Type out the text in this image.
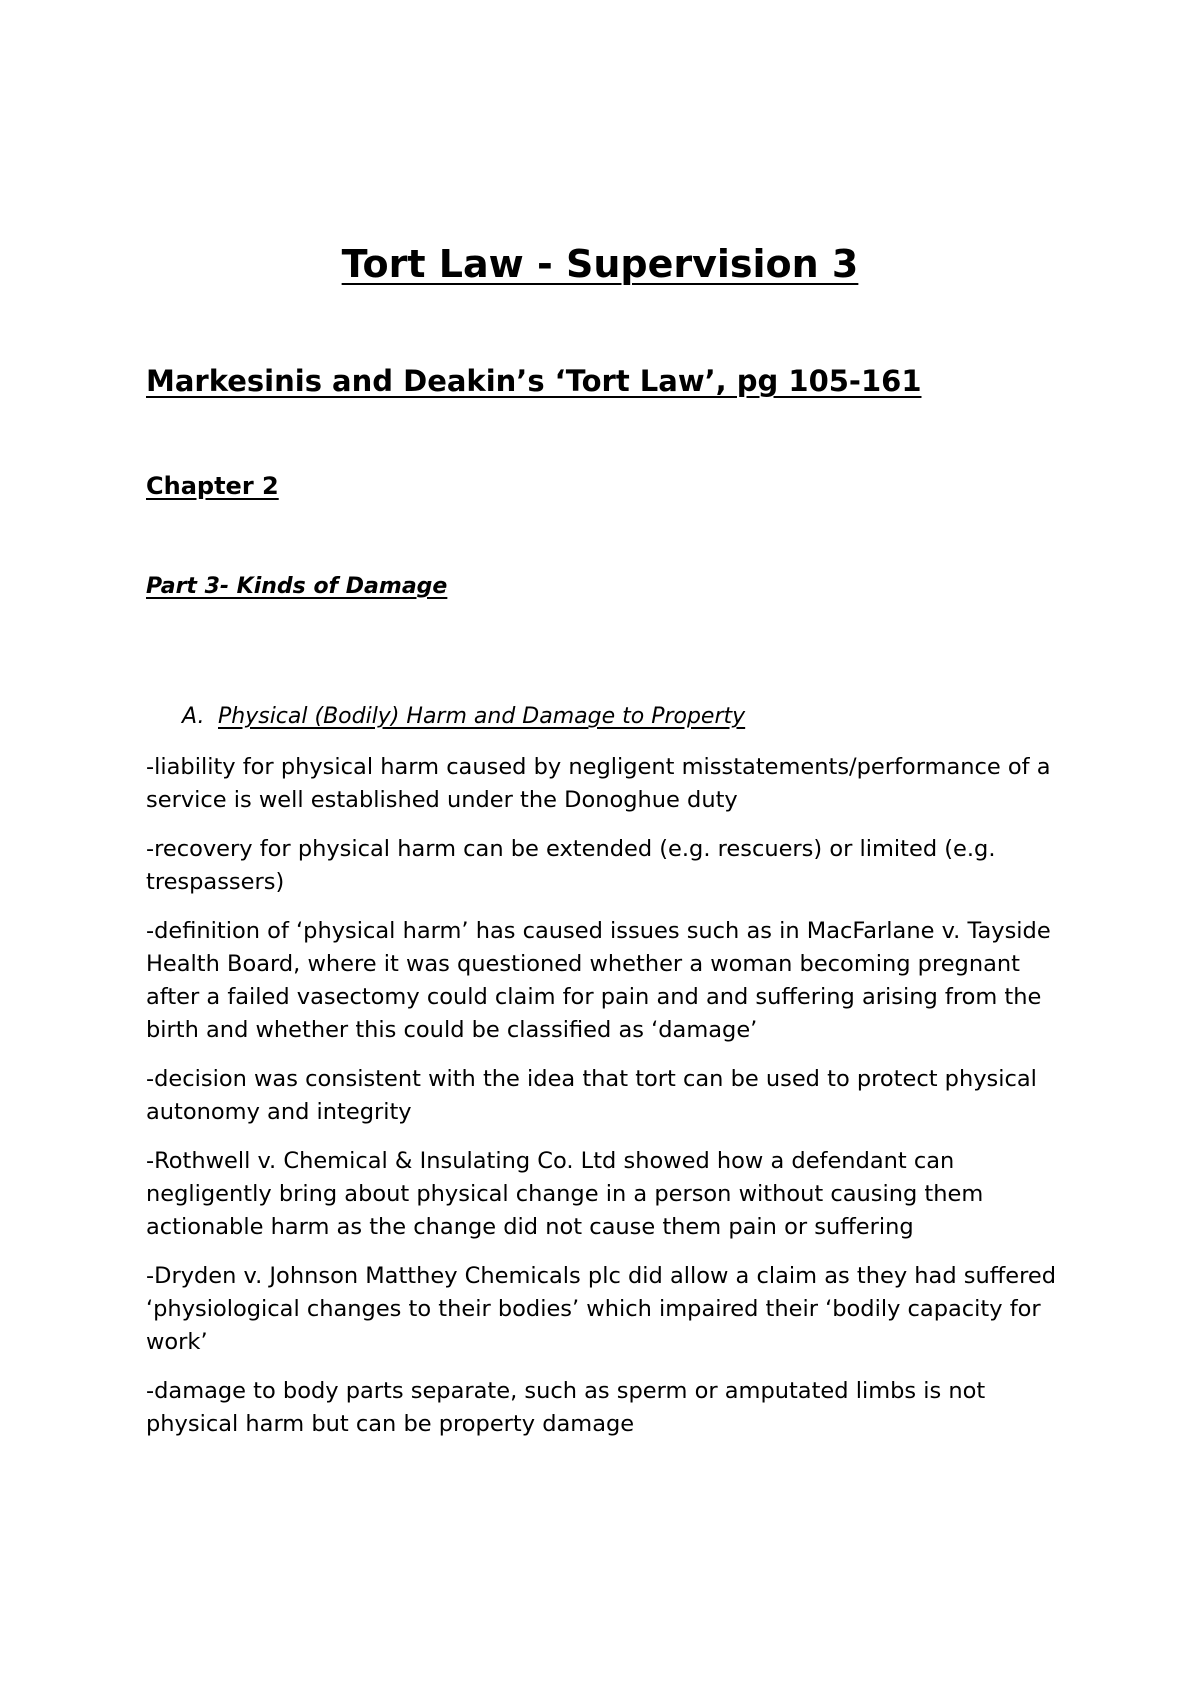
Tort Law - Supervision 3
Markesinis and Deakin’s ‘Tort Law’, pg 105-161
Chapter 2
Part 3- Kinds of Damage
A. Physical (Bodily) Harm and Damage to Property

-liability for physical harm caused by negligent misstatements/performance of a service is well established under the Donoghue duty

-recovery for physical harm can be extended (e.g. rescuers) or limited (e.g. trespassers)

-definition of ‘physical harm’ has caused issues such as in MacFarlane v. Tayside Health Board, where it was questioned whether a woman becoming pregnant after a failed vasectomy could claim for pain and and suffering arising from the birth and whether this could be classified as ‘damage’

-decision was consistent with the idea that tort can be used to protect physical autonomy and integrity

-Rothwell v. Chemical & Insulating Co. Ltd showed how a defendant can negligently bring about physical change in a person without causing them actionable harm as the change did not cause them pain or suffering

-Dryden v. Johnson Matthey Chemicals plc did allow a claim as they had suffered ‘physiological changes to their bodies’ which impaired their ‘bodily capacity for work’

-damage to body parts separate, such as sperm or amputated limbs is not physical harm but can be property damage
